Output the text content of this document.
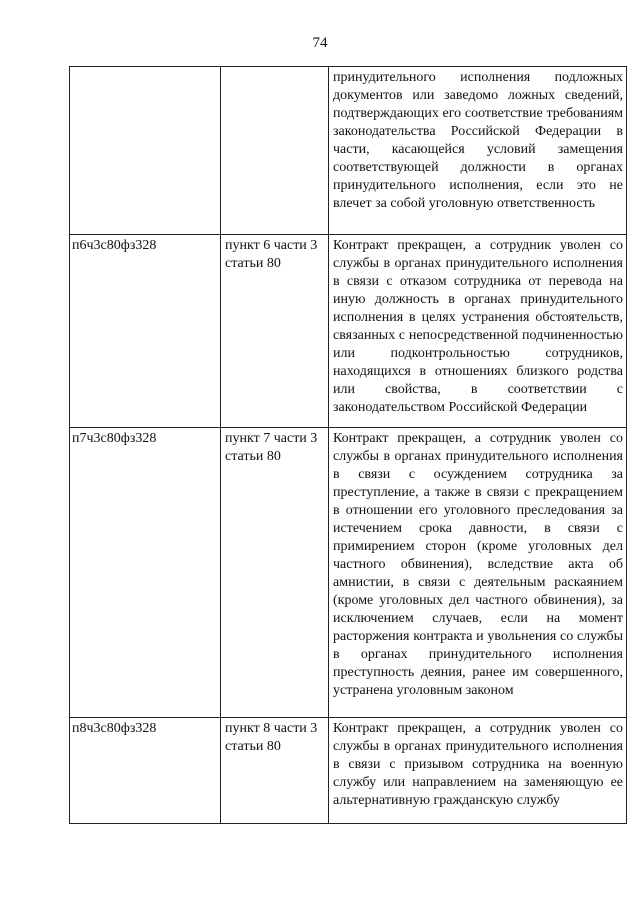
74

		принудительного исполнения подложных документов или заведомо ложных сведений, подтверждающих его соответствие требованиям законодательства Российской Федерации в части, касающейся условий замещения соответствующей должности в органах принудительного исполнения, если это не влечет за собой уголовную ответственность

п6ч3с80фз328	пункт 6 части 3 статьи 80	Контракт прекращен, а сотрудник уволен со службы в органах принудительного исполнения в связи с отказом сотрудника от перевода на иную должность в органах принудительного исполнения в целях устранения обстоятельств, связанных с непосредственной подчиненностью или подконтрольностью сотрудников, находящихся в отношениях близкого родства или свойства, в соответствии с законодательством Российской Федерации

п7ч3с80фз328	пункт 7 части 3 статьи 80	Контракт прекращен, а сотрудник уволен со службы в органах принудительного исполнения в связи с осуждением сотрудника за преступление, а также в связи с прекращением в отношении его уголовного преследования за истечением срока давности, в связи с примирением сторон (кроме уголовных дел частного обвинения), вследствие акта об амнистии, в связи с деятельным раскаянием (кроме уголовных дел частного обвинения), за исключением случаев, если на момент расторжения контракта и увольнения со службы в органах принудительного исполнения преступность деяния, ранее им совершенного, устранена уголовным законом

п8ч3с80фз328	пункт 8 части 3 статьи 80	Контракт прекращен, а сотрудник уволен со службы в органах принудительного исполнения в связи с призывом сотрудника на военную службу или направлением на заменяющую ее альтернативную гражданскую службу
